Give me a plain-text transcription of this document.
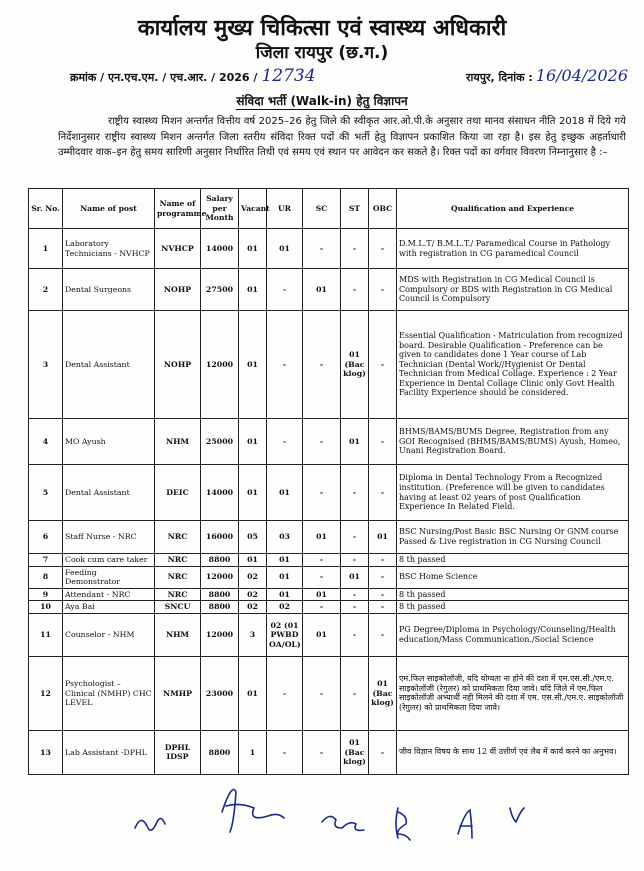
कार्यालय मुख्य चिकित्सा एवं स्वास्थ्य अधिकारी
जिला रायपुर (छ.ग.)
क्रमांक / एन.एच.एम. / एच.आर. / 2026 / 12734	रायपुर, दिनांक : 16/04/2026
संविदा भर्ती (Walk-in) हेतु विज्ञापन

राष्ट्रीय स्वास्थ्य मिशन अन्तर्गत वित्तीय वर्ष 2025–26 हेतु जिले की स्वीकृत आर.ओ.पी.के अनुसार तथा मानव संसाधन नीति 2018 में दिये गये निर्देशानुसार राष्ट्रीय स्वास्थ्य मिशन अन्तर्गत जिला स्तरीय संविदा रिक्त पदों की भर्ती हेतु विज्ञापन प्रकाशित किया जा रहा है। इस हेतु इच्छुक अहर्ताधारी उम्मीदवार वाक–इन हेतु समय सारिणी अनुसार निर्धारित तिथी एवं समय एवं स्थान पर आवेदन कर सकते है। रिक्त पदों का वर्गवार विवरण निम्नानुसार है :–

Sr. No.	Name of post	Name of programme	Salary per Month	Vacant	UR	SC	ST	OBC	Qualification and Experience
1	Laboratory Technicians - NVHCP	NVHCP	14000	01	01	-	-	-	D.M.L.T/ B.M.L.T./ Paramedical Course in Pathology with registration in CG paramedical Council
2	Dental Surgeons	NOHP	27500	01	-	01	-	-	MDS with Registration in CG Medical Council is Compulsory or BDS with Registration in CG Medical Council is Compulsory
3	Dental Assistant	NOHP	12000	01	-	-	01 (Bac klog)	-	Essential Qualification - Matriculation from recognized board. Desirable Qualification - Preference can be given to candidates done 1 Year course of Lab Technician (Dental Work//Hygienist Or Dental Technician from Medical Collage. Experience : 2 Year Experience in Dental Collage Clinic only Govt Health Facility Experience should be considered.
4	MO Ayush	NHM	25000	01	-	-	01	-	BHMS/BAMS/BUMS Degree, Registration from any GOI Recognised (BHMS/BAMS/BUMS) Ayush, Homeo, Unani Registration Board.
5	Dental Assistant	DEIC	14000	01	01	-	-	-	Diploma in Dental Technology From a Recognized institution. (Preference will be given to candidates having at least 02 years of post Qualification Experience In Related Field.
6	Staff Nurse - NRC	NRC	16000	05	03	01	-	01	BSC Nursing/Post Basic BSC Nursing Or GNM course Passed & Live registration in CG Nursing Council
7	Cook cum care taker	NRC	8800	01	01	-	-	-	8 th passed
8	Feeding Demonstrator	NRC	12000	02	01	-	01	-	BSC Home Science
9	Attendant - NRC	NRC	8800	02	01	01	-	-	8 th passed
10	Aya Bai	SNCU	8800	02	02	-	-	-	8 th passed
11	Counselor - NHM	NHM	12000	3	02 (01 PWBD OA/OL)	01	-	-	PG Degree/Diploma in Psychology/Counseling/Health education/Mass Communication./Social Science
12	Psychologist – Clinical (NMHP) CHC LEVEL	NMHP	23000	01	-	-	-	01 (Bac klog)	एम.फिल साइकोलॉजी, यदि योग्यता ना होने की दशा में एम.एस.सी./एम.ए. साइकोलॉजी (रेगुलर) को प्राथमिकता दिया जावे। यदि जिले में एम.फिल साइकोलॉजी अभ्यार्थी नही मिलने की दशा में एम. एस.सी./एम.ए. साइकोलॉजी (रेगुलर) को प्राथमिकता दिया जावे।
13	Lab Assistant -DPHL	DPHL IDSP	8800	1	-	-	01 (Bac klog)	-	जीव विज्ञान विषय के साथ 12 वीं उत्तीर्ण एवं लैब में कार्य करने का अनुभव।
